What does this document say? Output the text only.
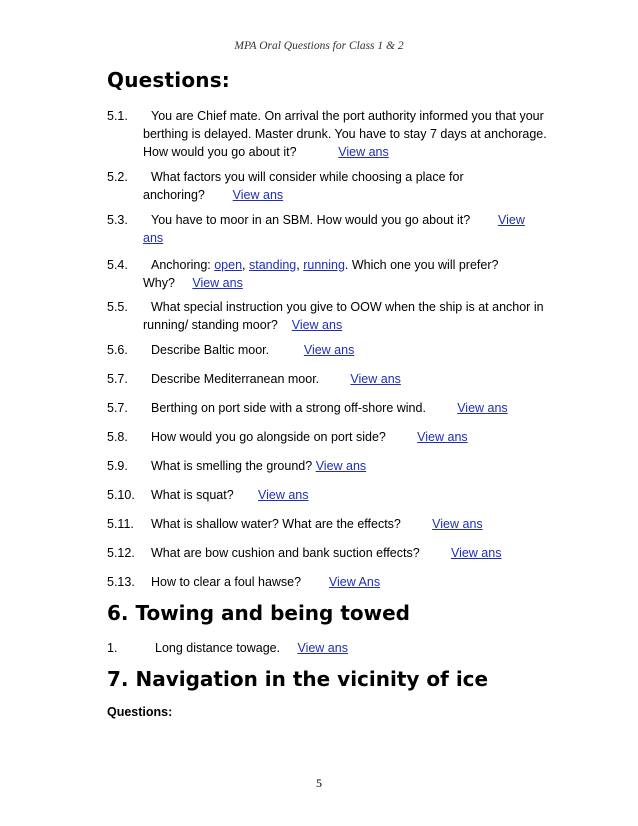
MPA Oral Questions for Class 1 & 2
Questions:
5.1.	You are Chief mate. On arrival the port authority informed you that your berthing is delayed. Master drunk. You have to stay 7 days at anchorage. How would you go about it?	View ans
5.2.	What factors you will consider while choosing a place for anchoring? View ans
5.3.	You have to moor in an SBM. How would you go about it? View ans
5.4.	Anchoring: open, standing, running. Which one you will prefer? Why? View ans
5.5.	What special instruction you give to OOW when the ship is at anchor in running/ standing moor? View ans
5.6.	Describe Baltic moor.	View ans
5.7.	Describe Mediterranean moor.	View ans
5.7.	Berthing on port side with a strong off-shore wind.	View ans
5.8.	How would you go alongside on port side?	View ans
5.9.	What is smelling the ground? View ans
5.10.	What is squat? View ans
5.11.	What is shallow water? What are the effects?	View ans
5.12.	What are bow cushion and bank suction effects?	View ans
5.13.	How to clear a foul hawse? View Ans
6. Towing and being towed
1.	Long distance towage. View ans
7. Navigation in the vicinity of ice
Questions:
5
